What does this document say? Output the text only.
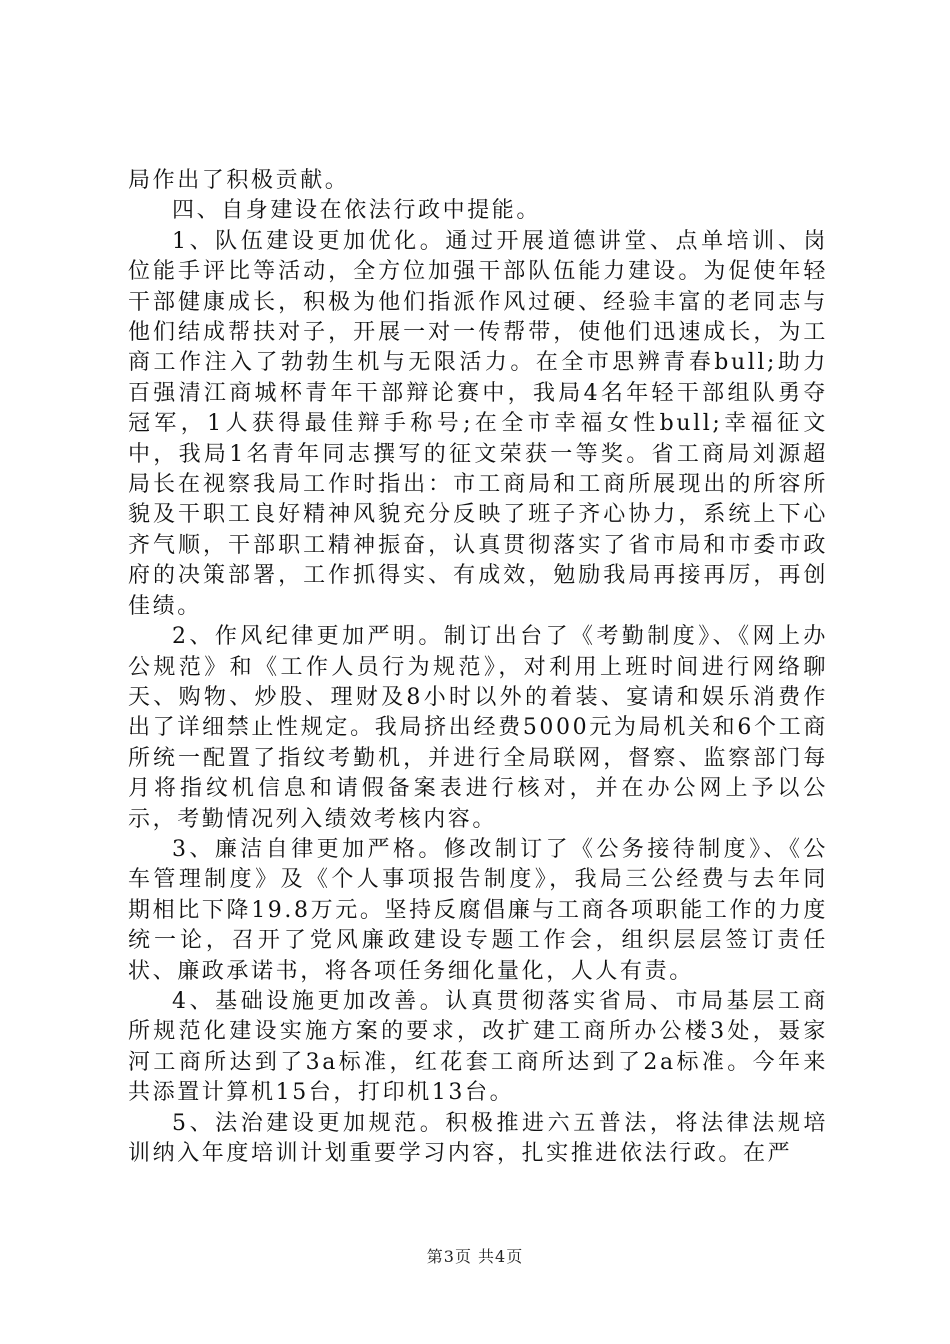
局作出了积极贡献。

四、自身建设在依法行政中提能。

1、队伍建设更加优化。通过开展道德讲堂、点单培训、岗位能手评比等活动，全方位加强干部队伍能力建设。为促使年轻干部健康成长，积极为他们指派作风过硬、经验丰富的老同志与他们结成帮扶对子，开展一对一传帮带，使他们迅速成长，为工商工作注入了勃勃生机与无限活力。在全市思辨青春bull;助力百强清江商城杯青年干部辩论赛中，我局4名年轻干部组队勇夺冠军，1人获得最佳辩手称号;在全市幸福女性bull;幸福征文中，我局1名青年同志撰写的征文荣获一等奖。省工商局刘源超局长在视察我局工作时指出：市工商局和工商所展现出的所容所貌及干职工良好精神风貌充分反映了班子齐心协力，系统上下心齐气顺，干部职工精神振奋，认真贯彻落实了省市局和市委市政府的决策部署，工作抓得实、有成效，勉励我局再接再厉，再创佳绩。

2、作风纪律更加严明。制订出台了《考勤制度》、《网上办公规范》和《工作人员行为规范》，对利用上班时间进行网络聊天、购物、炒股、理财及8小时以外的着装、宴请和娱乐消费作出了详细禁止性规定。我局挤出经费5000元为局机关和6个工商所统一配置了指纹考勤机，并进行全局联网，督察、监察部门每月将指纹机信息和请假备案表进行核对，并在办公网上予以公示，考勤情况列入绩效考核内容。

3、廉洁自律更加严格。修改制订了《公务接待制度》、《公车管理制度》及《个人事项报告制度》，我局三公经费与去年同期相比下降19.8万元。坚持反腐倡廉与工商各项职能工作的力度统一论，召开了党风廉政建设专题工作会，组织层层签订责任状、廉政承诺书，将各项任务细化量化，人人有责。

4、基础设施更加改善。认真贯彻落实省局、市局基层工商所规范化建设实施方案的要求，改扩建工商所办公楼3处，聂家河工商所达到了3a标准，红花套工商所达到了2a标准。今年来共添置计算机15台，打印机13台。

5、法治建设更加规范。积极推进六五普法，将法律法规培训纳入年度培训计划重要学习内容，扎实推进依法行政。在严

第3页 共4页
